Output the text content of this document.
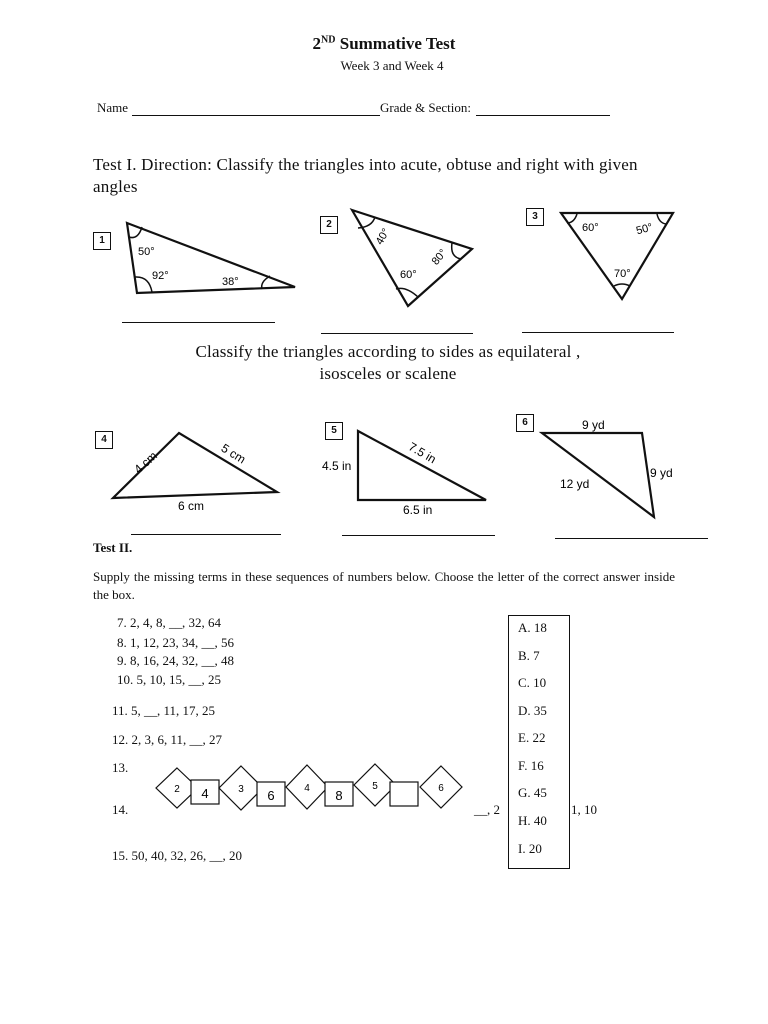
2ND Summative Test
Week 3 and Week 4
Name	Grade & Section:
Test I. Direction: Classify the triangles into acute, obtuse and right with given angles
1
50°
92°	38°
2
40°
60°
80°
3
60°	50°
70°
Classify the triangles according to sides as equilateral ,
isosceles or scalene
4
4 cm	5 cm
6 cm
5
4.5 in	7.5 in
6.5 in
6	9 yd
9 yd
12 yd
Test II.
Supply the missing terms in these sequences of numbers below. Choose the letter of the correct answer inside the box.
7. 2, 4, 8, __, 32, 64
8. 1, 12, 23, 34, __, 56
9. 8, 16, 24, 32, __, 48
10. 5, 10, 15, __, 25
11. 5, __, 11, 17, 25
12. 2, 3, 6, 11, __, 27
13.
14.	__, 2	1, 10
15. 50, 40, 32, 26, __, 20
2 4	3 6	4 8
5	6
A. 18
B. 7
C. 10
D. 35
E. 22
F. 16
G. 45
H. 40
I. 20
